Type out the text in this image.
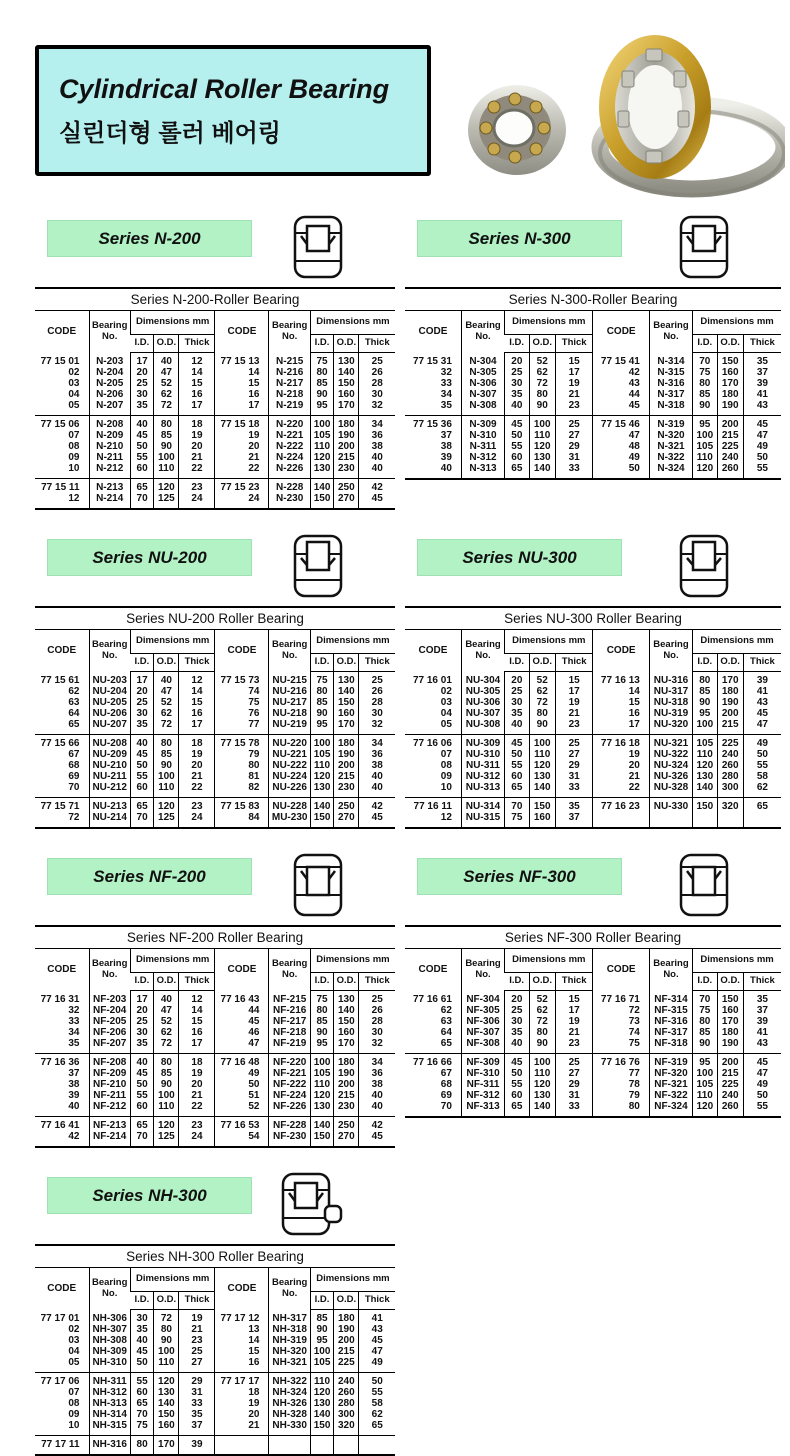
Cylindrical Roller Bearing
실린더형 롤러 베어링
Series N-200
Series N-200-Roller Bearing
CODE	Bearing No.	Dimensions mm			CODE	Bearing No.	Dimensions mm		
		I.D.	O.D.	Thick			I.D.	O.D.	Thick
77 15 01	N-203	17	40	12	77 15 13	N-215	75	130	25
02	N-204	20	47	14	14	N-216	80	140	26
03	N-205	25	52	15	15	N-217	85	150	28
04	N-206	30	62	16	16	N-218	90	160	30
05	N-207	35	72	17	17	N-219	95	170	32
77 15 06	N-208	40	80	18	77 15 18	N-220	100	180	34
07	N-209	45	85	19	19	N-221	105	190	36
08	N-210	50	90	20	20	N-222	110	200	38
09	N-211	55	100	21	21	N-224	120	215	40
10	N-212	60	110	22	22	N-226	130	230	40
77 15 11	N-213	65	120	23	77 15 23	N-228	140	250	42
12	N-214	70	125	24	24	N-230	150	270	45
Series N-300
Series N-300-Roller Bearing
CODE	Bearing No.	Dimensions mm			CODE	Bearing No.	Dimensions mm		
		I.D.	O.D.	Thick			I.D.	O.D.	Thick
77 15 31	N-304	20	52	15	77 15 41	N-314	70	150	35
32	N-305	25	62	17	42	N-315	75	160	37
33	N-306	30	72	19	43	N-316	80	170	39
34	N-307	35	80	21	44	N-317	85	180	41
35	N-308	40	90	23	45	N-318	90	190	43
77 15 36	N-309	45	100	25	77 15 46	N-319	95	200	45
37	N-310	50	110	27	47	N-320	100	215	47
38	N-311	55	120	29	48	N-321	105	225	49
39	N-312	60	130	31	49	N-322	110	240	50
40	N-313	65	140	33	50	N-324	120	260	55
Series NU-200
Series NU-200 Roller Bearing
CODE	Bearing No.	Dimensions mm			CODE	Bearing No.	Dimensions mm		
		I.D.	O.D.	Thick			I.D.	O.D.	Thick
77 15 61	NU-203	17	40	12	77 15 73	NU-215	75	130	25
62	NU-204	20	47	14	74	NU-216	80	140	26
63	NU-205	25	52	15	75	NU-217	85	150	28
64	NU-206	30	62	16	76	NU-218	90	160	30
65	NU-207	35	72	17	77	NU-219	95	170	32
77 15 66	NU-208	40	80	18	77 15 78	NU-220	100	180	34
67	NU-209	45	85	19	79	NU-221	105	190	36
68	NU-210	50	90	20	80	NU-222	110	200	38
69	NU-211	55	100	21	81	NU-224	120	215	40
70	NU-212	60	110	22	82	NU-226	130	230	40
77 15 71	NU-213	65	120	23	77 15 83	NU-228	140	250	42
72	NU-214	70	125	24	84	MU-230	150	270	45
Series NU-300
Series NU-300 Roller Bearing
CODE	Bearing No.	Dimensions mm			CODE	Bearing No.	Dimensions mm		
		I.D.	O.D.	Thick			I.D.	O.D.	Thick
77 16 01	NU-304	20	52	15	77 16 13	NU-316	80	170	39
02	NU-305	25	62	17	14	NU-317	85	180	41
03	NU-306	30	72	19	15	NU-318	90	190	43
04	NU-307	35	80	21	16	NU-319	95	200	45
05	NU-308	40	90	23	17	NU-320	100	215	47
77 16 06	NU-309	45	100	25	77 16 18	NU-321	105	225	49
07	NU-310	50	110	27	19	NU-322	110	240	50
08	NU-311	55	120	29	20	NU-324	120	260	55
09	NU-312	60	130	31	21	NU-326	130	280	58
10	NU-313	65	140	33	22	NU-328	140	300	62
77 16 11	NU-314	70	150	35	77 16 23	NU-330	150	320	65
12	NU-315	75	160	37					
Series NF-200
Series NF-200 Roller Bearing
CODE	Bearing No.	Dimensions mm			CODE	Bearing No.	Dimensions mm		
		I.D.	O.D.	Thick			I.D.	O.D.	Thick
77 16 31	NF-203	17	40	12	77 16 43	NF-215	75	130	25
32	NF-204	20	47	14	44	NF-216	80	140	26
33	NF-205	25	52	15	45	NF-217	85	150	28
34	NF-206	30	62	16	46	NF-218	90	160	30
35	NF-207	35	72	17	47	NF-219	95	170	32
77 16 36	NF-208	40	80	18	77 16 48	NF-220	100	180	34
37	NF-209	45	85	19	49	NF-221	105	190	36
38	NF-210	50	90	20	50	NF-222	110	200	38
39	NF-211	55	100	21	51	NF-224	120	215	40
40	NF-212	60	110	22	52	NF-226	130	230	40
77 16 41	NF-213	65	120	23	77 16 53	NF-228	140	250	42
42	NF-214	70	125	24	54	NF-230	150	270	45
Series NF-300
Series NF-300 Roller Bearing
CODE	Bearing No.	Dimensions mm			CODE	Bearing No.	Dimensions mm		
		I.D.	O.D.	Thick			I.D.	O.D.	Thick
77 16 61	NF-304	20	52	15	77 16 71	NF-314	70	150	35
62	NF-305	25	62	17	72	NF-315	75	160	37
63	NF-306	30	72	19	73	NF-316	80	170	39
64	NF-307	35	80	21	74	NF-317	85	180	41
65	NF-308	40	90	23	75	NF-318	90	190	43
77 16 66	NF-309	45	100	25	77 16 76	NF-319	95	200	45
67	NF-310	50	110	27	77	NF-320	100	215	47
68	NF-311	55	120	29	78	NF-321	105	225	49
69	NF-312	60	130	31	79	NF-322	110	240	50
70	NF-313	65	140	33	80	NF-324	120	260	55
Series NH-300
Series NH-300 Roller Bearing
CODE	Bearing No.	Dimensions mm			CODE	Bearing No.	Dimensions mm		
		I.D.	O.D.	Thick			I.D.	O.D.	Thick
77 17 01	NH-306	30	72	19	77 17 12	NH-317	85	180	41
02	NH-307	35	80	21	13	NH-318	90	190	43
03	NH-308	40	90	23	14	NH-319	95	200	45
04	NH-309	45	100	25	15	NH-320	100	215	47
05	NH-310	50	110	27	16	NH-321	105	225	49
77 17 06	NH-311	55	120	29	77 17 17	NH-322	110	240	50
07	NH-312	60	130	31	18	NH-324	120	260	55
08	NH-313	65	140	33	19	NH-326	130	280	58
09	NH-314	70	150	35	20	NH-328	140	300	62
10	NH-315	75	160	37	21	NH-330	150	320	65
77 17 11	NH-316	80	170	39					
